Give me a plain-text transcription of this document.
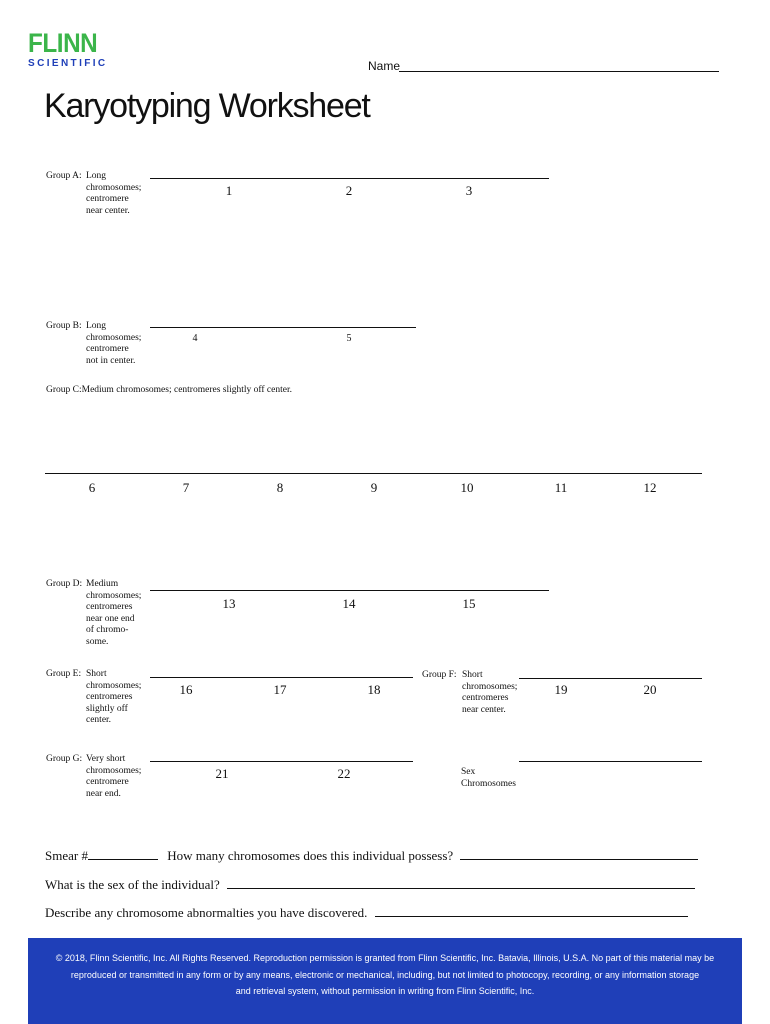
FLINN
SCIENTIFIC	Name
Karyotyping Worksheet
Group A: Long
chromosomes;
centromere
near center.
1	2	3
Group B: Long
chromosomes;
centromere
not in center.
4	5
Group C:Medium chromosomes; centromeres slightly off center.
6	7	8	9	10	11	12
Group D: Medium
chromosomes;
centromeres
near one end
of chromo-
some.
13	14	15
Group E: Short
chromosomes;
centromeres
slightly off
center.
16	17	18
Group F: Short
chromosomes;
centromeres
near center.
19	20
Group G: Very short
chromosomes;
centromere
near end.
21	22	Sex
Chromosomes
Smear #	How many chromosomes does this individual possess?
What is the sex of the individual?
Describe any chromosome abnormalties you have discovered.
© 2018, Flinn Scientific, Inc. All Rights Reserved. Reproduction permission is granted from Flinn Scientific, Inc. Batavia, Illinois, U.S.A. No part of this material may be
reproduced or transmitted in any form or by any means, electronic or mechanical, including, but not limited to photocopy, recording, or any information storage
and retrieval system, without permission in writing from Flinn Scientific, Inc.
